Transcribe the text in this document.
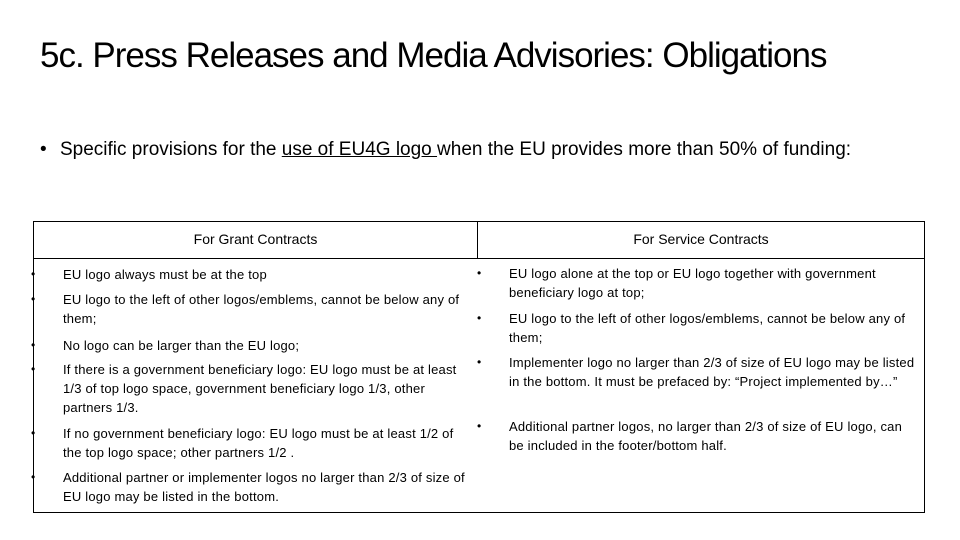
5c. Press Releases and Media Advisories: Obligations
• Specific provisions for the use of EU4G logo when the EU provides more than 50% of funding:
For Grant Contracts	For Service Contracts
• EU logo always must be at the top
• EU logo to the left of other logos/emblems, cannot be below any of them;
• No logo can be larger than the EU logo;
• If there is a government beneficiary logo: EU logo must be at least 1/3 of top logo space, government beneficiary logo 1/3, other partners 1/3.
• If no government beneficiary logo: EU logo must be at least 1/2 of the top logo space; other partners 1/2 .
• Additional partner or implementer logos no larger than 2/3 of size of EU logo may be listed in the bottom.
• EU logo alone at the top or EU logo together with government beneficiary logo at top;
• EU logo to the left of other logos/emblems, cannot be below any of them;
• Implementer logo no larger than 2/3 of size of EU logo may be listed in the bottom. It must be prefaced by: “Project implemented by…”
• Additional partner logos, no larger than 2/3 of size of EU logo, can be included in the footer/bottom half.
